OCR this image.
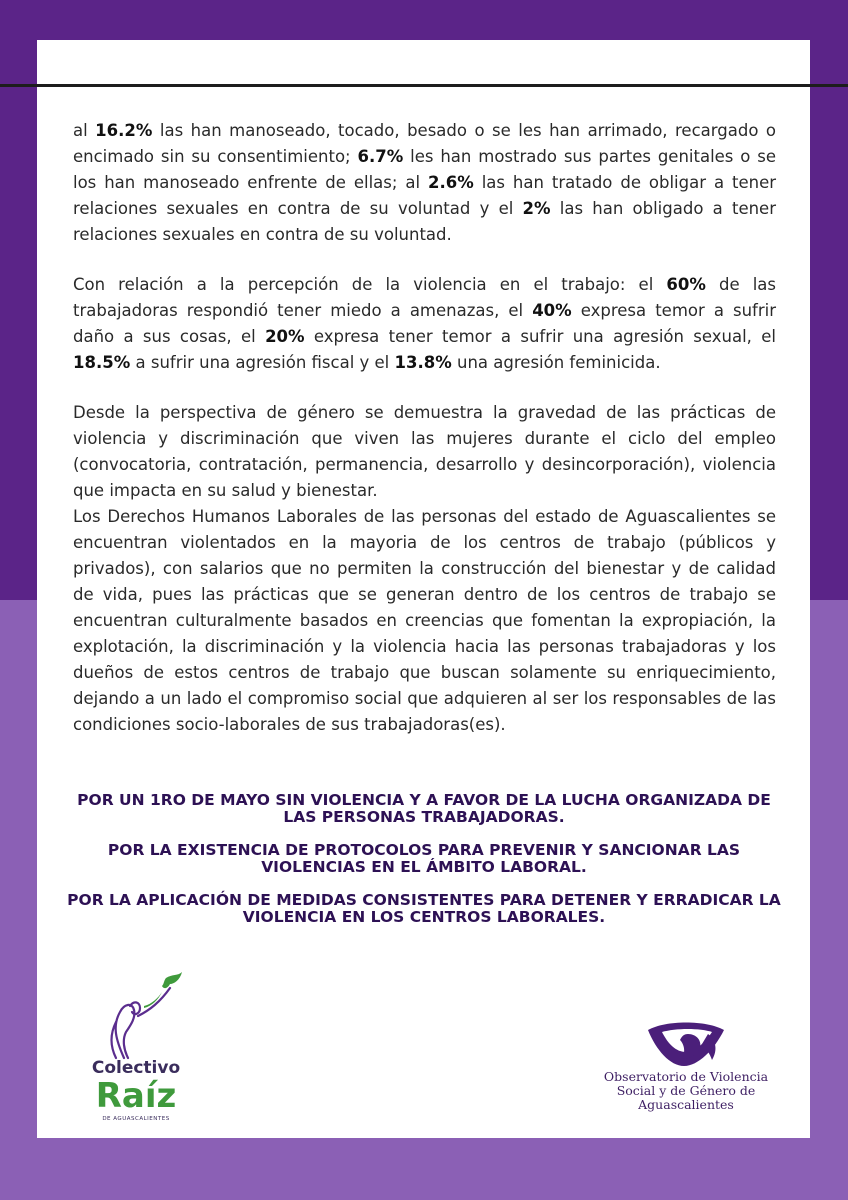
al 16.2% las han manoseado, tocado, besado o se les han arrimado, recargado o encimado sin su consentimiento; 6.7% les han mostrado sus partes genitales o se los han manoseado enfrente de ellas; al 2.6% las han tratado de obligar a tener relaciones sexuales en contra de su voluntad y el 2% las han obligado a tener relaciones sexuales en contra de su voluntad.

Con relación a la percepción de la violencia en el trabajo: el 60% de las trabajadoras respondió tener miedo a amenazas, el 40% expresa temor a sufrir daño a sus cosas, el 20% expresa tener temor a sufrir una agresión sexual, el 18.5% a sufrir una agresión fiscal y el 13.8% una agresión feminicida.

Desde la perspectiva de género se demuestra la gravedad de las prácticas de violencia y discriminación que viven las mujeres durante el ciclo del empleo (convocatoria, contratación, permanencia, desarrollo y desincorporación), violencia que impacta en su salud y bienestar.

Los Derechos Humanos Laborales de las personas del estado de Aguascalientes se encuentran violentados en la mayoria de los centros de trabajo (públicos y privados), con salarios que no permiten la construcción del bienestar y de calidad de vida, pues las prácticas que se generan dentro de los centros de trabajo se encuentran culturalmente basados en creencias que fomentan la expropiación, la explotación, la discriminación y la violencia hacia las personas trabajadoras y los dueños de estos centros de trabajo que buscan solamente su enriquecimiento, dejando a un lado el compromiso social que adquieren al ser los responsables de las condiciones socio-laborales de sus trabajadoras(es).

POR UN 1RO DE MAYO SIN VIOLENCIA Y A FAVOR DE LA LUCHA ORGANIZADA DE LAS PERSONAS TRABAJADORAS.

POR LA EXISTENCIA DE PROTOCOLOS PARA PREVENIR Y SANCIONAR LAS VIOLENCIAS EN EL ÁMBITO LABORAL.

POR LA APLICACIÓN DE MEDIDAS CONSISTENTES PARA DETENER Y ERRADICAR LA VIOLENCIA EN LOS CENTROS LABORALES.

Colectivo
Raíz
DE AGUASCALIENTES
Observatorio de Violencia
Social y de Género de
Aguascalientes
